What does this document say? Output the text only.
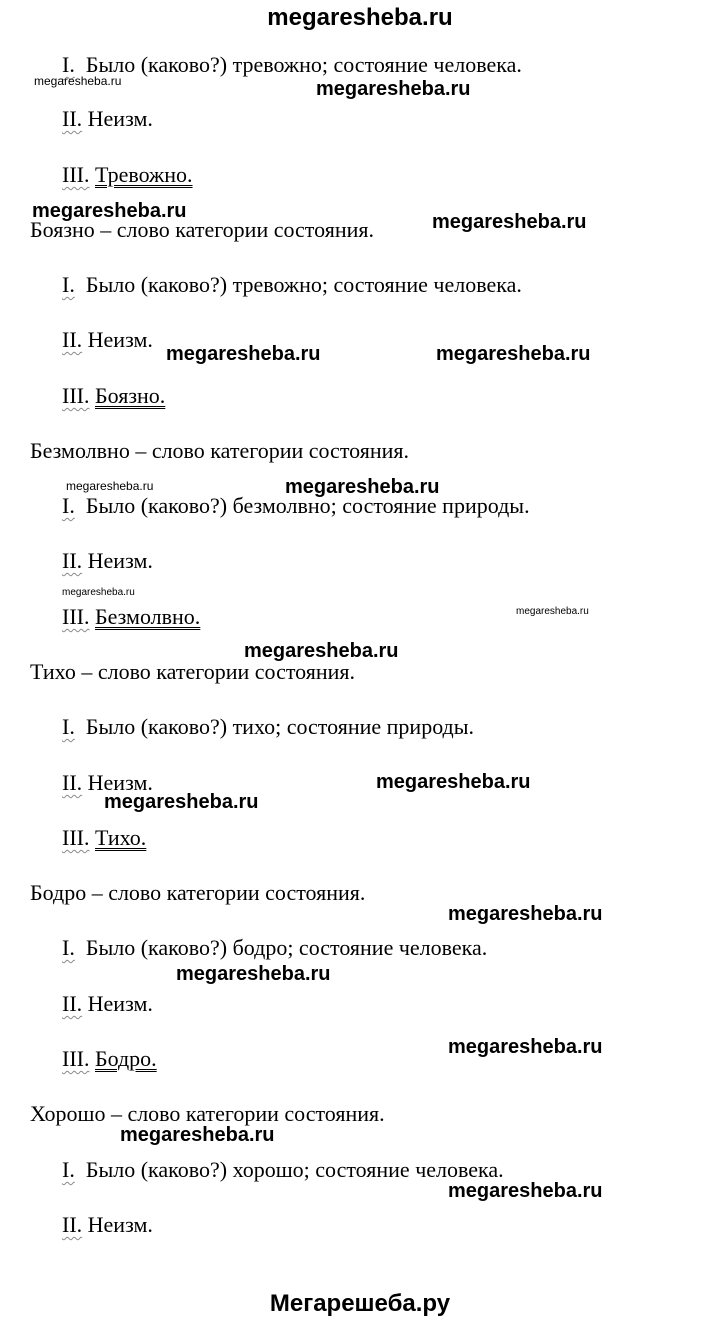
megaresheba.ru
I. Было (каково?) тревожно; состояние человека.
II. Неизм.
III. Тревожно.
Боязно – слово категории состояния.
I. Было (каково?) тревожно; состояние человека.
II. Неизм.
III. Боязно.
Безмолвно – слово категории состояния.
I. Было (каково?) безмолвно; состояние природы.
II. Неизм.
III. Безмолвно.
Тихо – слово категории состояния.
I. Было (каково?) тихо; состояние природы.
II. Неизм.
III. Тихо.
Бодро – слово категории состояния.
I. Было (каково?) бодро; состояние человека.
II. Неизм.
III. Бодро.
Хорошо – слово категории состояния.
I. Было (каково?) хорошо; состояние человека.
II. Неизм.
megaresheba.ru	megaresheba.ru
megaresheba.ru	megaresheba.ru
megaresheba.ru	megaresheba.ru
megaresheba.ru	megaresheba.ru
megaresheba.ru
megaresheba.ru
megaresheba.ru
megaresheba.ru
megaresheba.ru
megaresheba.ru
megaresheba.ru
megaresheba.ru
megaresheba.ru
megaresheba.ru
Мегарешеба.ру
